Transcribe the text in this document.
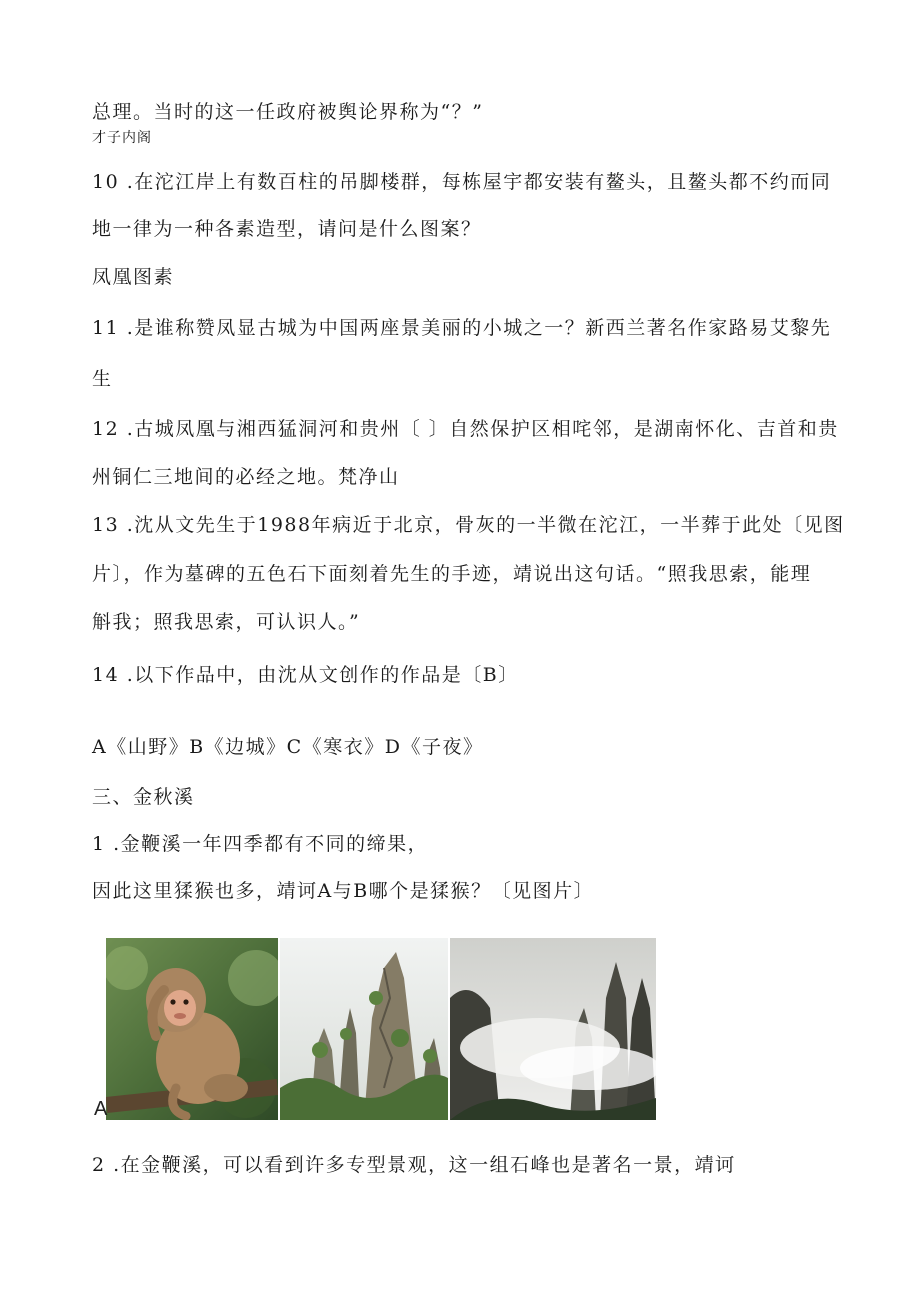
总理。当时的这一任政府被舆论界称为“？”
才子内阁
10 .在沱江岸上有数百柱的吊脚楼群，每栋屋宇都安装有鳌头，且鳌头都不约而同
地一律为一种各素造型，请问是什么图案？
凤凰图素
11 .是谁称赞凤显古城为中国两座景美丽的小城之一？新西兰著名作家路易艾黎先
生
12 .古城凤凰与湘西猛洞河和贵州〔 〕自然保护区相咤邻，是湖南怀化、吉首和贵
州铜仁三地间的必经之地。梵净山
13 .沈从文先生于1988年病近于北京，骨灰的一半微在沱江，一半葬于此处〔见图
片〕，作为墓碑的五色石下面刻着先生的手迹，靖说出这句话。“照我思索，能理
斛我；照我思索，可认识人。”
14 .以下作品中，由沈从文创作的作品是〔B〕
A《山野》B《边城》C《寒衣》D《子夜》
三、金秋溪
1 .金鞭溪一年四季都有不同的缔果，
因此这里猱猴也多，靖诃A与B哪个是猱猴？〔见图片〕
A
2 .在金鞭溪，可以看到许多专型景观，这一组石峰也是著名一景，靖诃
